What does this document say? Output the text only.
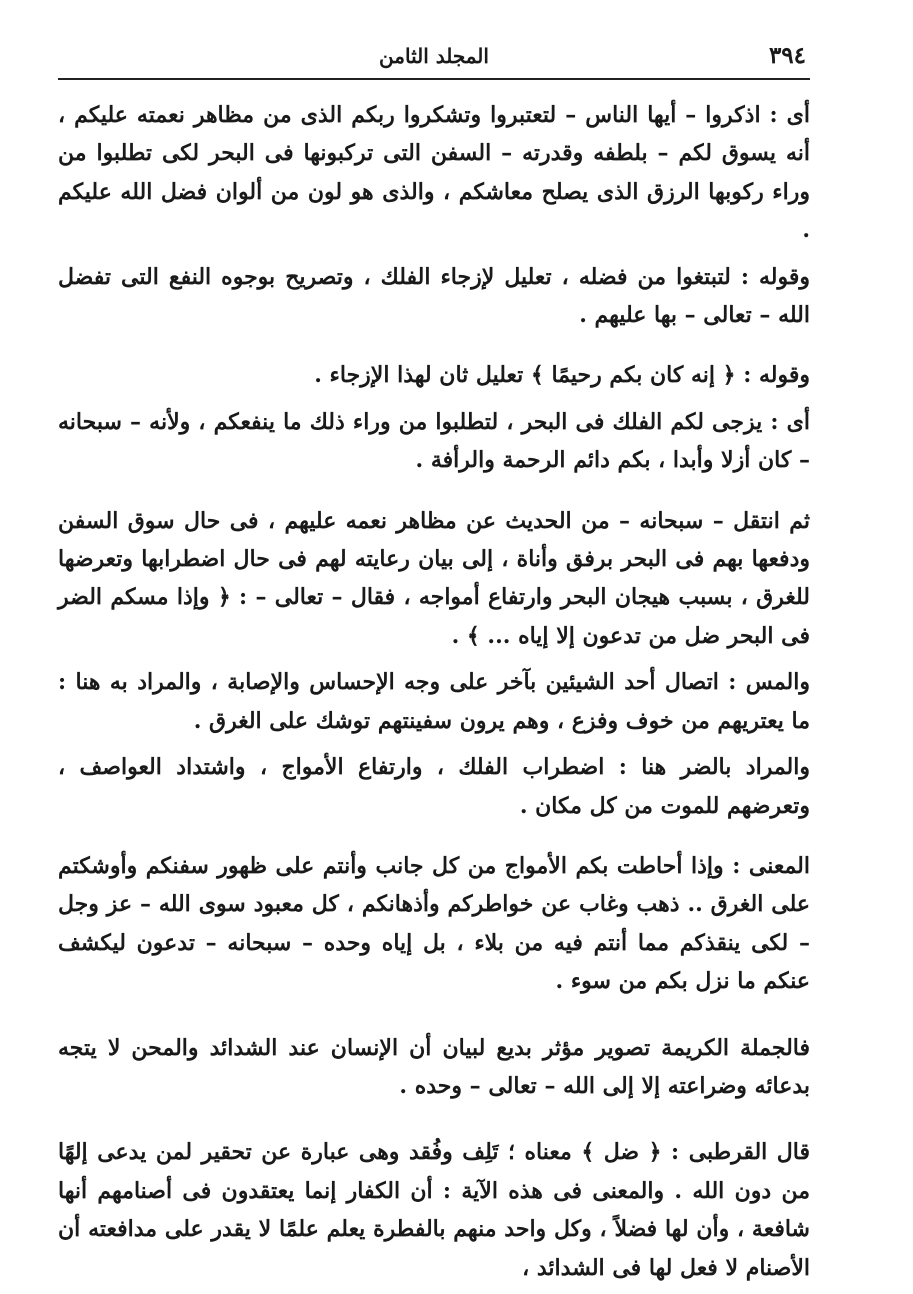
٣٩٤
المجلد الثامن

أى : اذكروا – أيها الناس – لتعتبروا وتشكروا ربكم الذى من مظاهر نعمته عليكم ، أنه يسوق لكم – بلطفه وقدرته – السفن التى تركبونها فى البحر لكى تطلبوا من وراء ركوبها الرزق الذى يصلح معاشكم ، والذى هو لون من ألوان فضل الله عليكم .

وقوله : لتبتغوا من فضله ، تعليل لإزجاء الفلك ، وتصريح بوجوه النفع التى تفضل الله – تعالى – بها عليهم .

وقوله : ﴿ إنه كان بكم رحيمًا ﴾ تعليل ثان لهذا الإزجاء .

أى : يزجى لكم الفلك فى البحر ، لتطلبوا من وراء ذلك ما ينفعكم ، ولأنه – سبحانه – كان أزلا وأبدا ، بكم دائم الرحمة والرأفة .

ثم انتقل – سبحانه – من الحديث عن مظاهر نعمه عليهم ، فى حال سوق السفن ودفعها بهم فى البحر برفق وأناة ، إلى بيان رعايته لهم فى حال اضطرابها وتعرضها للغرق ، بسبب هيجان البحر وارتفاع أمواجه ، فقال – تعالى – : ﴿ وإذا مسكم الضر فى البحر ضل من تدعون إلا إياه ... ﴾ .

والمس : اتصال أحد الشيئين بآخر على وجه الإحساس والإصابة ، والمراد به هنا : ما يعتريهم من خوف وفزع ، وهم يرون سفينتهم توشك على الغرق .

والمراد بالضر هنا : اضطراب الفلك ، وارتفاع الأمواج ، واشتداد العواصف ، وتعرضهم للموت من كل مكان .

المعنى : وإذا أحاطت بكم الأمواج من كل جانب وأنتم على ظهور سفنكم وأوشكتم على الغرق .. ذهب وغاب عن خواطركم وأذهانكم ، كل معبود سوى الله – عز وجل – لكى ينقذكم مما أنتم فيه من بلاء ، بل إياه وحده – سبحانه – تدعون ليكشف عنكم ما نزل بكم من سوء .

فالجملة الكريمة تصوير مؤثر بديع لبيان أن الإنسان عند الشدائد والمحن لا يتجه بدعائه وضراعته إلا إلى الله – تعالى – وحده .

قال القرطبى : ﴿ ضل ﴾ معناه ؛ تَلِف وفُقد وهى عبارة عن تحقير لمن يدعى إلهًا من دون الله . والمعنى فى هذه الآية : أن الكفار إنما يعتقدون فى أصنامهم أنها شافعة ، وأن لها فضلاً ، وكل واحد منهم بالفطرة يعلم علمًا لا يقدر على مدافعته أن الأصنام لا فعل لها فى الشدائد ،
